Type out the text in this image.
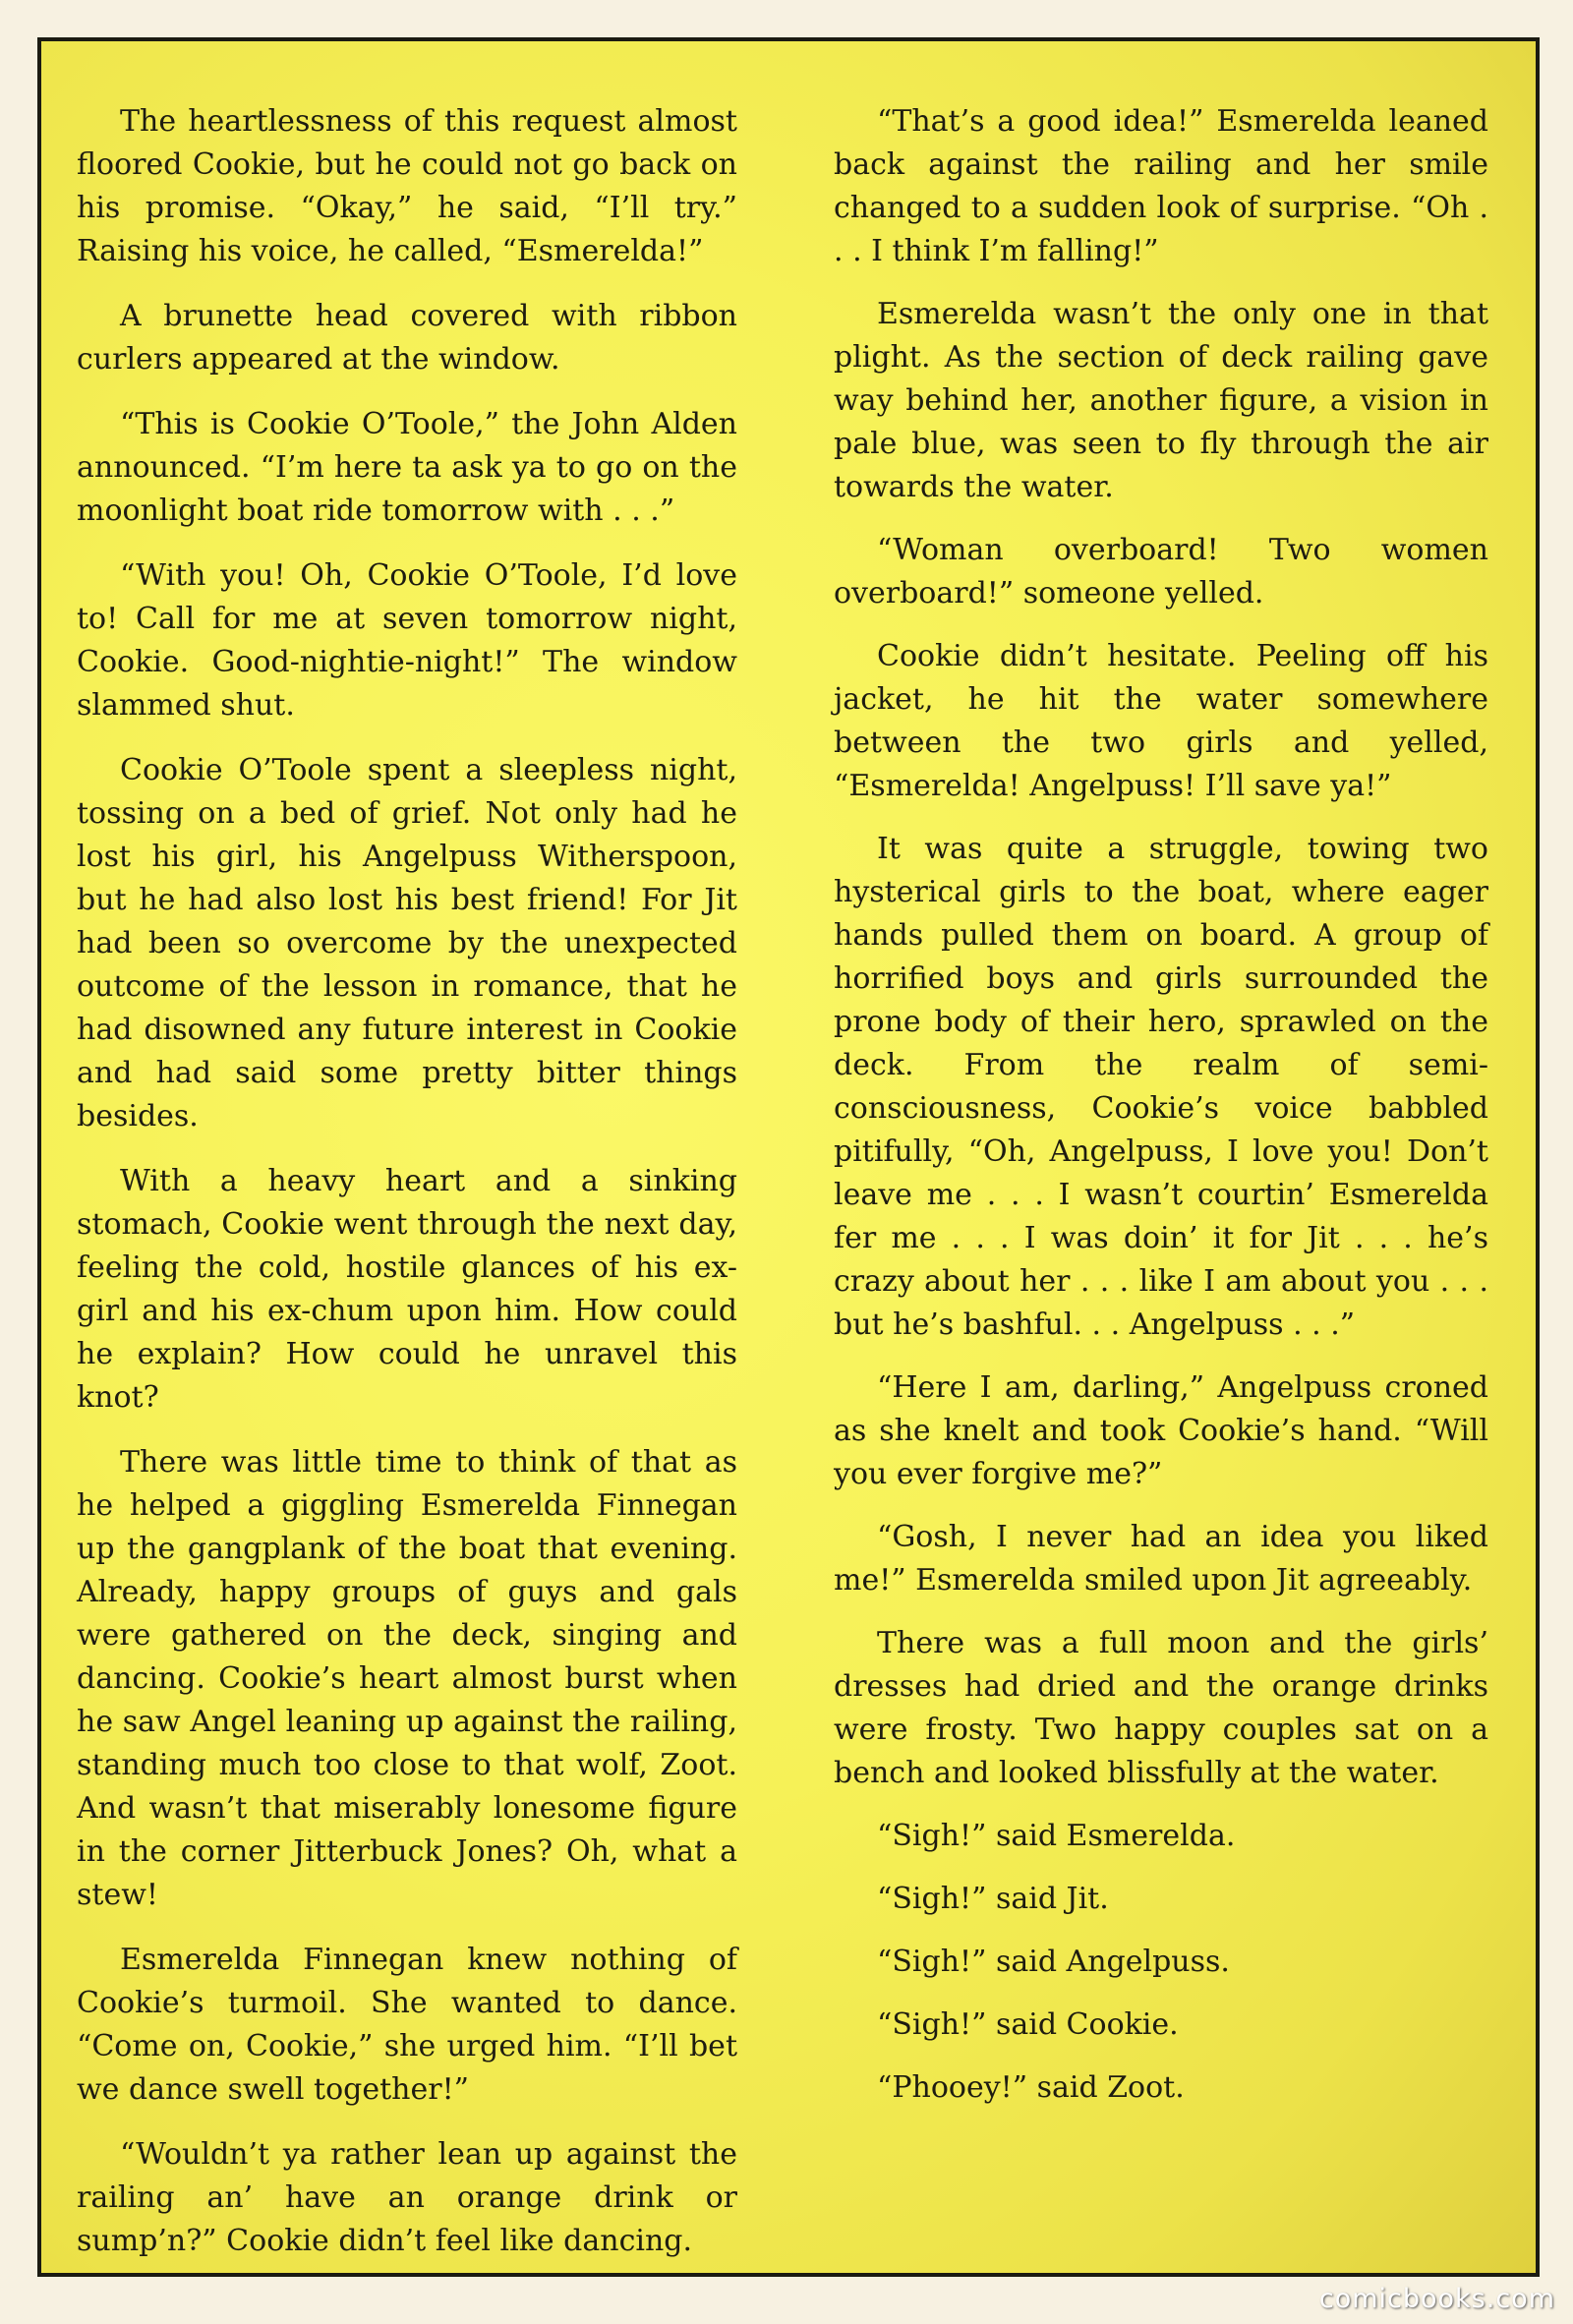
The heartlessness of this request almost floored Cookie, but he could not go back on his promise. “Okay,” he said, “I’ll try.” Raising his voice, he called, “Esmerelda!”

A brunette head covered with ribbon curlers appeared at the window.

“This is Cookie O’Toole,” the John Alden announced. “I’m here ta ask ya to go on the moonlight boat ride tomorrow with . . .”

“With you! Oh, Cookie O’Toole, I’d love to! Call for me at seven tomorrow night, Cookie. Good-nightie-night!” The window slammed shut.

Cookie O’Toole spent a sleepless night, tossing on a bed of grief. Not only had he lost his girl, his Angelpuss Witherspoon, but he had also lost his best friend! For Jit had been so overcome by the unexpected outcome of the lesson in romance, that he had disowned any future interest in Cookie and had said some pretty bitter things besides.

With a heavy heart and a sinking stomach, Cookie went through the next day, feeling the cold, hostile glances of his ex-girl and his ex-chum upon him. How could he explain? How could he unravel this knot?

There was little time to think of that as he helped a giggling Esmerelda Finnegan up the gangplank of the boat that evening. Already, happy groups of guys and gals were gathered on the deck, singing and dancing. Cookie’s heart almost burst when he saw Angel leaning up against the railing, standing much too close to that wolf, Zoot. And wasn’t that miserably lonesome figure in the corner Jitterbuck Jones? Oh, what a stew!

Esmerelda Finnegan knew nothing of Cookie’s turmoil. She wanted to dance. “Come on, Cookie,” she urged him. “I’ll bet we dance swell together!”

“Wouldn’t ya rather lean up against the railing an’ have an orange drink or sump’n?” Cookie didn’t feel like dancing.

“That’s a good idea!” Esmerelda leaned back against the railing and her smile changed to a sudden look of surprise. “Oh . . . I think I’m falling!”

Esmerelda wasn’t the only one in that plight. As the section of deck railing gave way behind her, another figure, a vision in pale blue, was seen to fly through the air towards the water.

“Woman overboard! Two women overboard!” someone yelled.

Cookie didn’t hesitate. Peeling off his jacket, he hit the water somewhere between the two girls and yelled, “Esmerelda! Angelpuss! I’ll save ya!”

It was quite a struggle, towing two hysterical girls to the boat, where eager hands pulled them on board. A group of horrified boys and girls surrounded the prone body of their hero, sprawled on the deck. From the realm of semi-consciousness, Cookie’s voice babbled pitifully, “Oh, Angelpuss, I love you! Don’t leave me . . . I wasn’t courtin’ Esmerelda fer me . . . I was doin’ it for Jit . . . he’s crazy about her . . . like I am about you . . . but he’s bashful. . . Angelpuss . . .”

“Here I am, darling,” Angelpuss croned as she knelt and took Cookie’s hand. “Will you ever forgive me?”

“Gosh, I never had an idea you liked me!” Esmerelda smiled upon Jit agreeably.

There was a full moon and the girls’ dresses had dried and the orange drinks were frosty. Two happy couples sat on a bench and looked blissfully at the water.

“Sigh!” said Esmerelda.

“Sigh!” said Jit.

“Sigh!” said Angelpuss.

“Sigh!” said Cookie.

“Phooey!” said Zoot.

comicbooks.com
